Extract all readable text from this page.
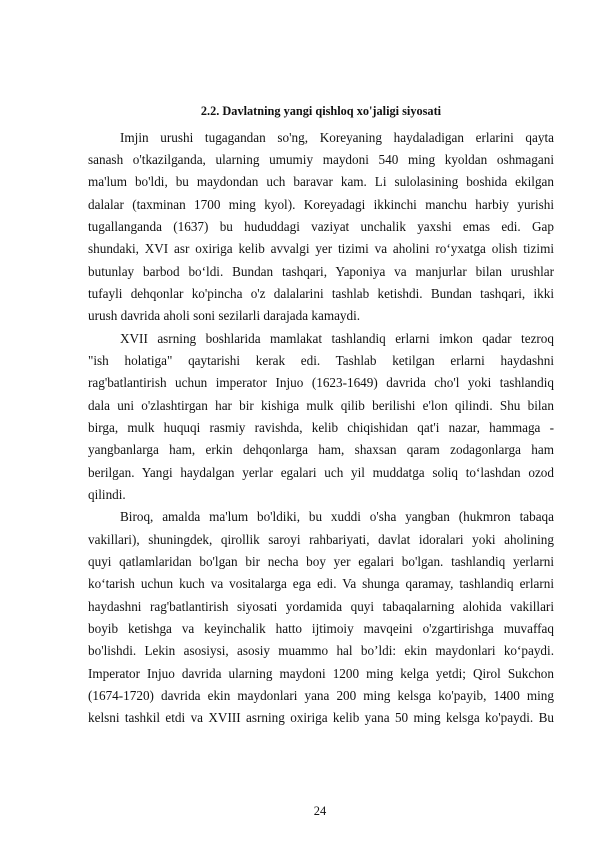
2.2. Davlatning yangi qishloq xo'jaligi siyosati
Imjin urushi tugagandan so'ng, Koreyaning haydaladigan erlarini qayta
sanash o'tkazilganda, ularning umumiy maydoni 540 ming kyoldan oshmagani
ma'lum bo'ldi, bu maydondan uch baravar kam. Li sulolasining boshida ekilgan
dalalar (taxminan 1700 ming kyol). Koreyadagi ikkinchi manchu harbiy yurishi
tugallanganda (1637) bu hududdagi vaziyat unchalik yaxshi emas edi. Gap
shundaki, XVI asr oxiriga kelib avvalgi yer tizimi va aholini ro‘yxatga olish tizimi
butunlay barbod bo‘ldi. Bundan tashqari, Yaponiya va manjurlar bilan urushlar
tufayli dehqonlar ko'pincha o'z dalalarini tashlab ketishdi. Bundan tashqari, ikki
urush davrida aholi soni sezilarli darajada kamaydi.
XVII asrning boshlarida mamlakat tashlandiq erlarni imkon qadar tezroq
"ish holatiga" qaytarishi kerak edi. Tashlab ketilgan erlarni haydashni
rag'batlantirish uchun imperator Injuo (1623-1649) davrida cho'l yoki tashlandiq
dala uni o'zlashtirgan har bir kishiga mulk qilib berilishi e'lon qilindi. Shu bilan
birga, mulk huquqi rasmiy ravishda, kelib chiqishidan qat'i nazar, hammaga -
yangbanlarga ham, erkin dehqonlarga ham, shaxsan qaram zodagonlarga ham
berilgan. Yangi haydalgan yerlar egalari uch yil muddatga soliq to‘lashdan ozod
qilindi.
Biroq, amalda ma'lum bo'ldiki, bu xuddi o'sha yangban (hukmron tabaqa
vakillari), shuningdek, qirollik saroyi rahbariyati, davlat idoralari yoki aholining
quyi qatlamlaridan bo'lgan bir necha boy yer egalari bo'lgan. tashlandiq yerlarni
ko‘tarish uchun kuch va vositalarga ega edi. Va shunga qaramay, tashlandiq erlarni
haydashni rag'batlantirish siyosati yordamida quyi tabaqalarning alohida vakillari
boyib ketishga va keyinchalik hatto ijtimoiy mavqeini o'zgartirishga muvaffaq
bo'lishdi. Lekin asosiysi, asosiy muammo hal bo’ldi: ekin maydonlari ko‘paydi.
Imperator Injuo davrida ularning maydoni 1200 ming kelga yetdi; Qirol Sukchon
(1674-1720) davrida ekin maydonlari yana 200 ming kelsga ko'payib, 1400 ming
kelsni tashkil etdi va XVIII asrning oxiriga kelib yana 50 ming kelsga ko'paydi. Bu
24
